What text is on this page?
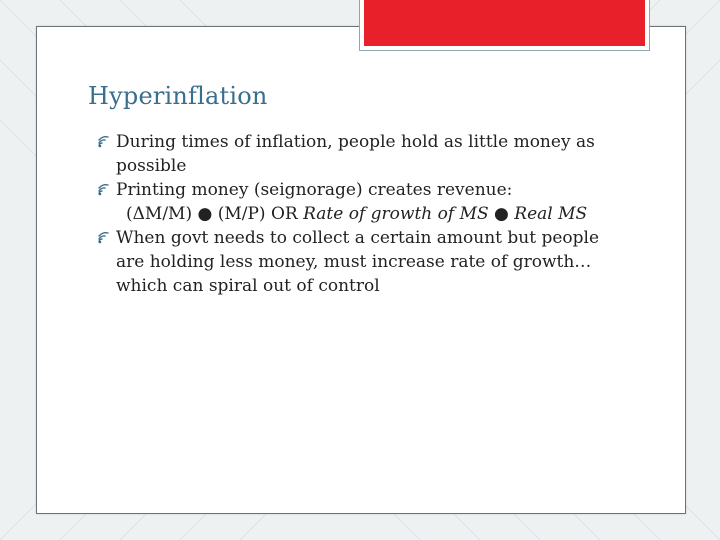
Hyperinflation

During times of inflation, people hold as little money as possible

Printing money (seignorage) creates revenue:

(ΔM/M) ● (M/P) OR Rate of growth of MS ● Real MS

When govt needs to collect a certain amount but people are holding less money, must increase rate of growth… which can spiral out of control
